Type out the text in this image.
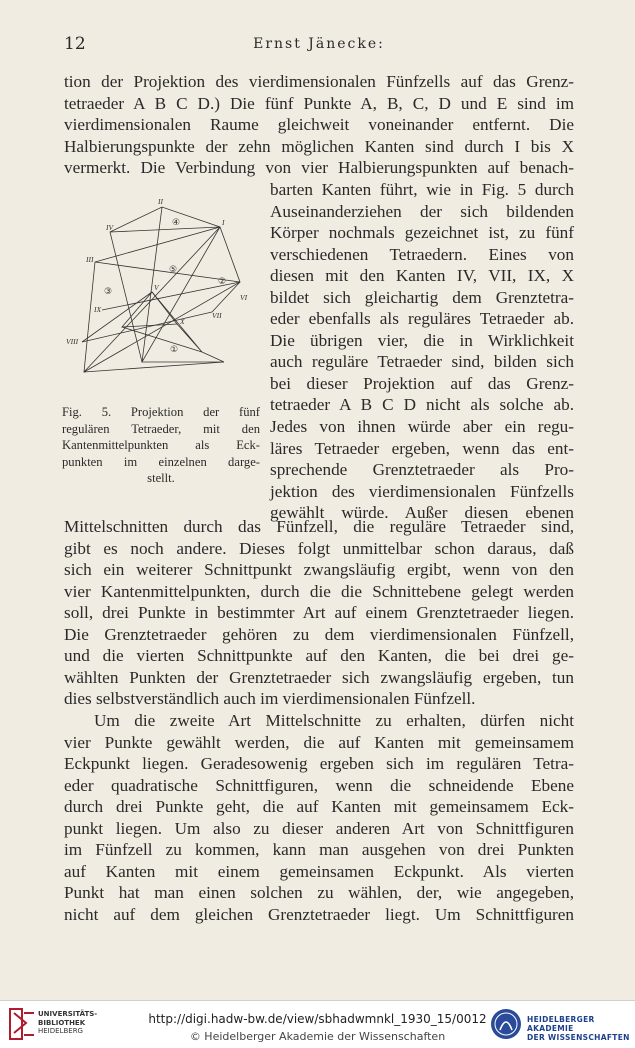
12	Ernst Jänecke:
tion der Projektion des vierdimensionalen Fünfzells auf das Grenz-
tetraeder A B C D.) Die fünf Punkte A, B, C, D und E sind im
vierdimensionalen Raume gleichweit voneinander entfernt. Die
Halbierungspunkte der zehn möglichen Kanten sind durch I bis X
vermerkt. Die Verbindung von vier Halbierungspunkten auf benach-
barten Kanten führt, wie in Fig. 5 durch
Auseinanderziehen der sich bildenden
Körper nochmals gezeichnet ist, zu fünf
verschiedenen Tetraedern. Eines von
diesen mit den Kanten IV, VII, IX, X
bildet sich gleichartig dem Grenztetra-
eder ebenfalls als reguläres Tetraeder ab.
Die übrigen vier, die in Wirklichkeit
auch reguläre Tetraeder sind, bilden sich
bei dieser Projektion auf das Grenz-
tetraeder A B C D nicht als solche ab.
Jedes von ihnen würde aber ein regu-
läres Tetraeder ergeben, wenn das ent-
sprechende Grenztetraeder als Pro-
jektion des vierdimensionalen Fünfzells
gewählt würde. Außer diesen ebenen
I
II
III
IV
V
VI
VII
VIII
IX
X
④
②
③
⑤
①
Fig. 5. Projektion der fünf
regulären Tetraeder, mit den
Kantenmittelpunkten als Eck-
punkten im einzelnen darge-
stellt.
Mittelschnitten durch das Fünfzell, die reguläre Tetraeder sind,
gibt es noch andere. Dieses folgt unmittelbar schon daraus, daß
sich ein weiterer Schnittpunkt zwangsläufig ergibt, wenn von den
vier Kantenmittelpunkten, durch die die Schnittebene gelegt werden
soll, drei Punkte in bestimmter Art auf einem Grenztetraeder liegen.
Die Grenztetraeder gehören zu dem vierdimensionalen Fünfzell,
und die vierten Schnittpunkte auf den Kanten, die bei drei ge-
wählten Punkten der Grenztetraeder sich zwangsläufig ergeben, tun
dies selbstverständlich auch im vierdimensionalen Fünfzell.
Um die zweite Art Mittelschnitte zu erhalten, dürfen nicht
vier Punkte gewählt werden, die auf Kanten mit gemeinsamem
Eckpunkt liegen. Geradesowenig ergeben sich im regulären Tetra-
eder quadratische Schnittfiguren, wenn die schneidende Ebene
durch drei Punkte geht, die auf Kanten mit gemeinsamem Eck-
punkt liegen. Um also zu dieser anderen Art von Schnittfiguren
im Fünfzell zu kommen, kann man ausgehen von drei Punkten
auf Kanten mit einem gemeinsamen Eckpunkt. Als vierten
Punkt hat man einen solchen zu wählen, der, wie angegeben,
nicht auf dem gleichen Grenztetraeder liegt. Um Schnittfiguren
UNIVERSITÄTS-
BIBLIOTHEK
HEIDELBERG
http://digi.hadw-bw.de/view/sbhadwmnkl_1930_15/0012
© Heidelberger Akademie der Wissenschaften
HEIDELBERGER AKADEMIE
DER WISSENSCHAFTEN
